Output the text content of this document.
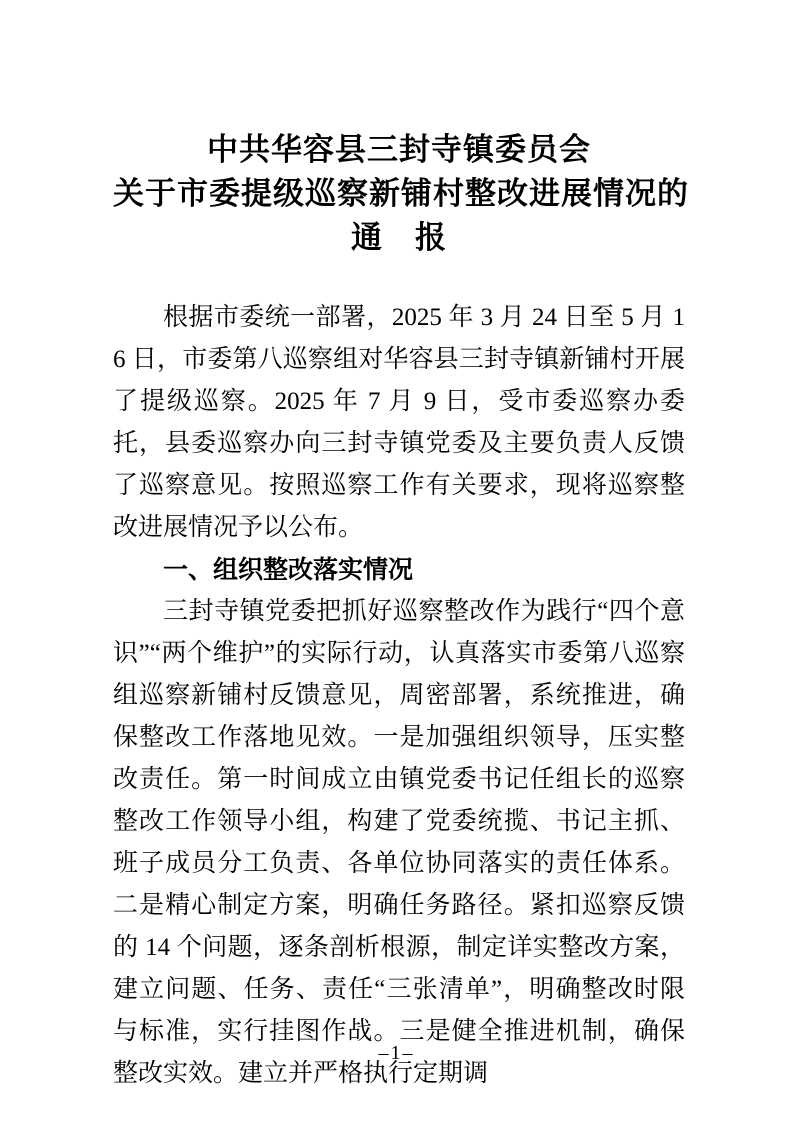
中共华容县三封寺镇委员会
关于市委提级巡察新铺村整改进展情况的
通　报

根据市委统一部署，2025 年 3 月 24 日至 5 月 16 日，市委第八巡察组对华容县三封寺镇新铺村开展了提级巡察。2025 年 7 月 9 日，受市委巡察办委托，县委巡察办向三封寺镇党委及主要负责人反馈了巡察意见。按照巡察工作有关要求，现将巡察整改进展情况予以公布。

一、组织整改落实情况

三封寺镇党委把抓好巡察整改作为践行“四个意识”“两个维护”的实际行动，认真落实市委第八巡察组巡察新铺村反馈意见，周密部署，系统推进，确保整改工作落地见效。一是加强组织领导，压实整改责任。第一时间成立由镇党委书记任组长的巡察整改工作领导小组，构建了党委统揽、书记主抓、班子成员分工负责、各单位协同落实的责任体系。二是精心制定方案，明确任务路径。紧扣巡察反馈的 14 个问题，逐条剖析根源，制定详实整改方案，建立问题、任务、责任“三张清单”，明确整改时限与标准，实行挂图作战。三是健全推进机制，确保整改实效。建立并严格执行定期调

–1–
